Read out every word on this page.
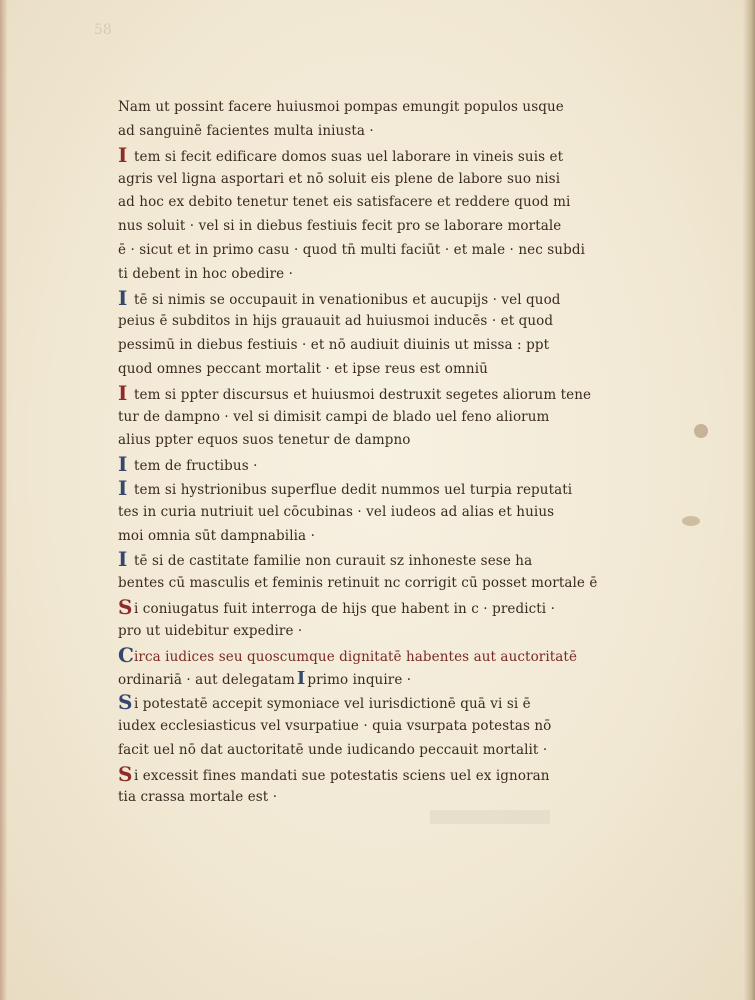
58
Nam ut possint facere huiusmoi pompas emungit populos usque
ad sanguinē facientes multa iniusta ·
I tem si fecit edificare domos suas uel laborare in vineis suis et
agris vel ligna asportari et nō soluit eis plene de labore suo nisi
ad hoc ex debito tenetur tenet eis satisfacere et reddere quod mi
nus soluit · vel si in diebus festiuis fecit pro se laborare mortale
ē · sicut et in primo casu · quod tn̄ multi faciūt · et male · nec subdi
ti debent in hoc obedire ·
I tē si nimis se occupauit in venationibus et aucupijs · vel quod
peius ē subditos in hijs grauauit ad huiusmoi inducēs · et quod
pessimū in diebus festiuis · et nō audiuit diuinis ut missa : ppt
quod omnes peccant mortalit · et ipse reus est omniū
I tem si ppter discursus et huiusmoi destruxit segetes aliorum tene
tur de dampno · vel si dimisit campi de blado uel feno aliorum
alius ppter equos suos tenetur de dampno
I tem de fructibus ·
I tem si hystrionibus superflue dedit nummos uel turpia reputati
tes in curia nutriuit uel cōcubinas · vel iudeos ad alias et huius
moi omnia sūt dampnabilia ·
I tē si de castitate familie non curauit sz inhoneste sese ha
bentes cū masculis et feminis retinuit nc corrigit cū posset mortale ē
Si coniugatus fuit interroga de hijs que habent in c · predicti ·
pro ut uidebitur expedire ·
Circa iudices seu quoscumque dignitatē habentes aut auctoritatē
ordinariā · aut delegatam I primo inquire ·
Si potestatē accepit symoniace vel iurisdictionē quā vi si ē
iudex ecclesiasticus vel vsurpatiue · quia vsurpata potestas nō
facit uel nō dat auctoritatē unde iudicando peccauit mortalit ·
Si excessit fines mandati sue potestatis sciens uel ex ignoran
tia crassa mortale est ·
